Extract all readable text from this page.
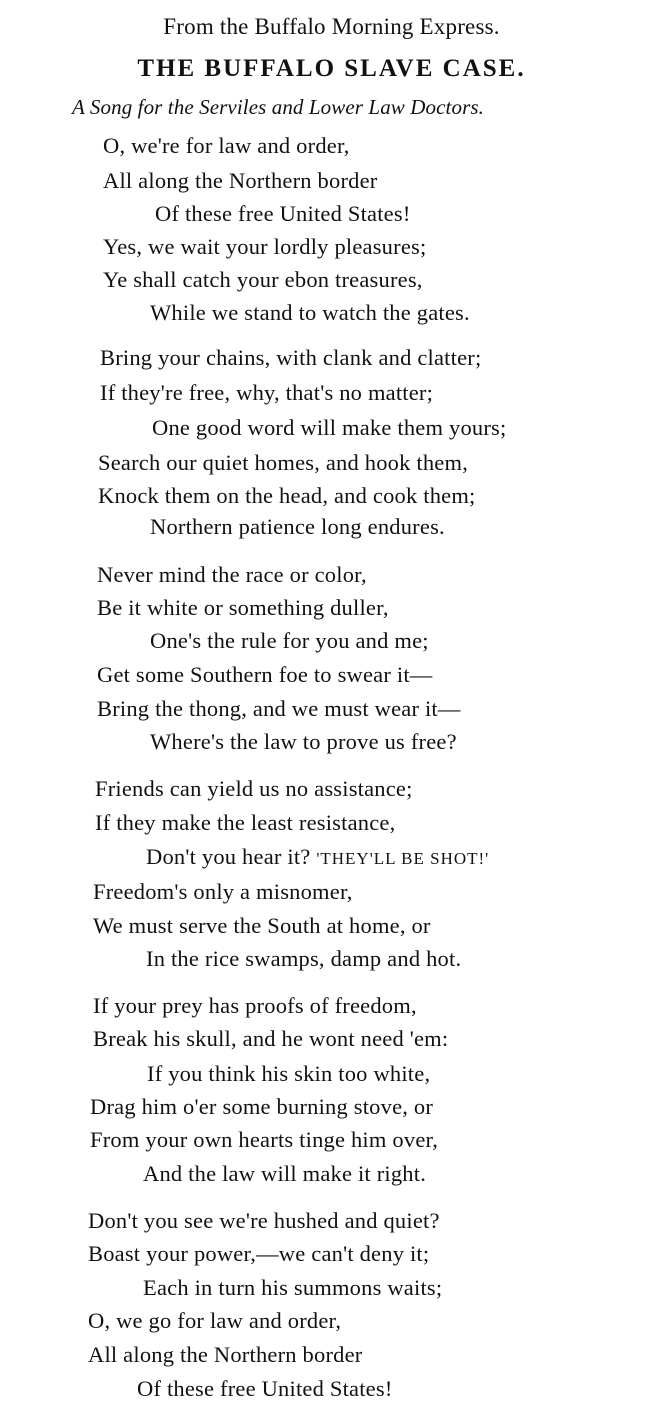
From the Buffalo Morning Express.
THE BUFFALO SLAVE CASE.
A Song for the Serviles and Lower Law Doctors.
O, we're for law and order,
All along the Northern border
Of these free United States!
Yes, we wait your lordly pleasures;
Ye shall catch your ebon treasures,
While we stand to watch the gates.
Bring your chains, with clank and clatter;
If they're free, why, that's no matter;
One good word will make them yours;
Search our quiet homes, and hook them,
Knock them on the head, and cook them;
Northern patience long endures.
Never mind the race or color,
Be it white or something duller,
One's the rule for you and me;
Get some Southern foe to swear it—
Bring the thong, and we must wear it—
Where's the law to prove us free?
Friends can yield us no assistance;
If they make the least resistance,
Don't you hear it? 'THEY'LL BE SHOT!'
Freedom's only a misnomer,
We must serve the South at home, or
In the rice swamps, damp and hot.
If your prey has proofs of freedom,
Break his skull, and he wont need 'em:
If you think his skin too white,
Drag him o'er some burning stove, or
From your own hearts tinge him over,
And the law will make it right.
Don't you see we're hushed and quiet?
Boast your power,—we can't deny it;
Each in turn his summons waits;
O, we go for law and order,
All along the Northern border
Of these free United States!
